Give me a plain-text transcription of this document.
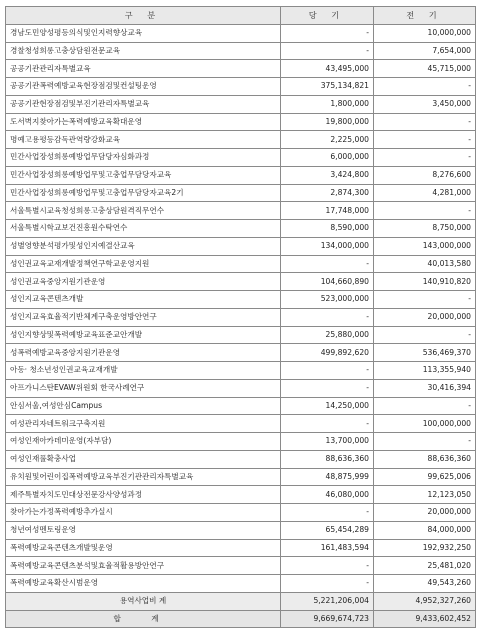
구 분	당 기	전 기
경남도민양성평등의식및인지력향상교육	-	10,000,000
경찰청성희롱고충상담원전문교육	-	7,654,000
공공기관관리자특별교육	43,495,000	45,715,000
공공기관폭력예방교육현장점검및컨설팅운영	375,134,821	-
공공기관현장점검및부진기관리자특별교육	1,800,000	3,450,000
도서벽지찾아가는폭력예방교육확대운영	19,800,000	-
명예고용평등감독관역량강화교육	2,225,000	-
민간사업장성희롱예방업무담당자심화과정	6,000,000	-
민간사업장성희롱예방업무및고충업무담당자교육	3,424,800	8,276,600
민간사업장성희롱예방업무및고충업무담당자교육2기	2,874,300	4,281,000
서울특별시교육청성희롱고충상담원격직무연수	17,748,000	-
서울특별시학교보건진흥원수탁연수	8,590,000	8,750,000
성별영향분석평가및성인지예결산교육	134,000,000	143,000,000
성인권교육교재개발정책연구학교운영지원	-	40,013,580
성인권교육중앙지원기관운영	104,660,890	140,910,820
성인지교육콘텐츠개발	523,000,000	-
성인지교육효율적기반체계구축운영방안연구	-	20,000,000
성인지향상및폭력예방교육표준교안개발	25,880,000	-
성폭력예방교육중앙지원기관운영	499,892,620	536,469,370
아동· 청소년성인권교육교재개발	-	113,355,940
아프가니스탄EVAW위원회 한국사례연구	-	30,416,394
안심서울,여성안심Campus	14,250,000	-
여성관리자네트워크구축지원	-	100,000,000
여성인재아카데미운영(자부담)	13,700,000	-
여성인재풀확충사업	88,636,360	88,636,360
유치원및어린이집폭력예방교육부진기관관리자특별교육	48,875,999	99,625,006
제주특별자치도민대상전문강사양성과정	46,080,000	12,123,050
찾아가는가정폭력예방추가실시	-	20,000,000
청년여성멘토링운영	65,454,289	84,000,000
폭력예방교육콘텐츠개발및운영	161,483,594	192,932,250
폭력예방교육콘텐츠분석및효율적활용방안연구	-	25,481,020
폭력예방교육확산시범운영	-	49,543,260
용역사업비 계	5,221,206,004	4,952,327,260
합 계	9,669,674,723	9,433,602,452
